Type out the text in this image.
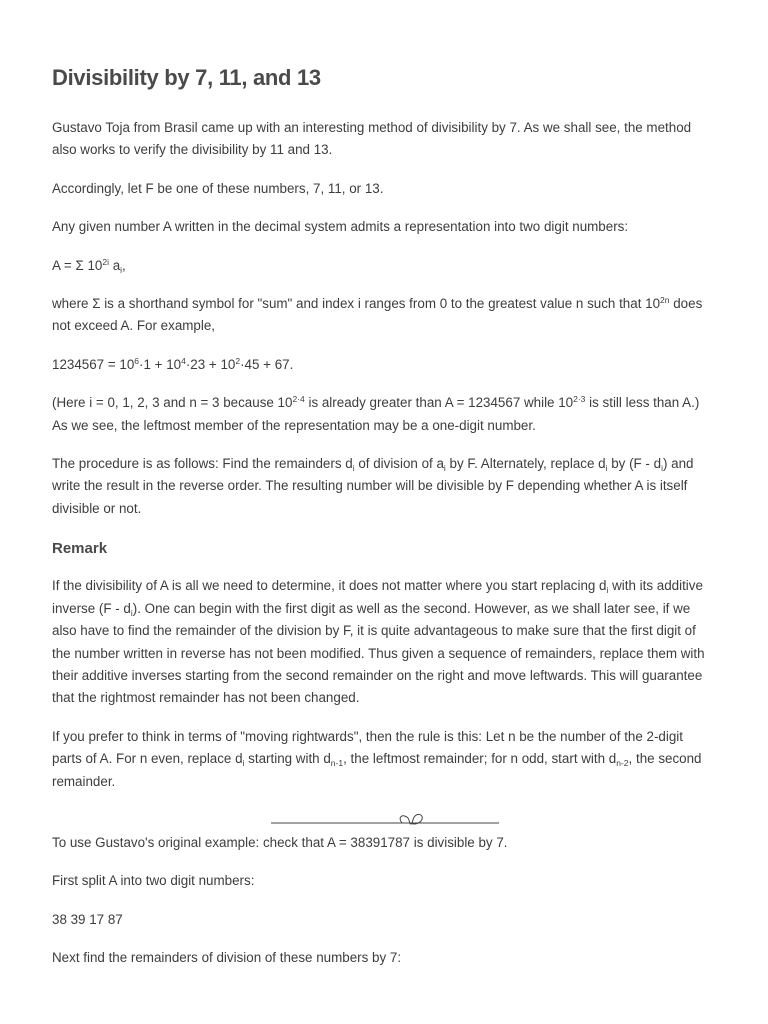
Divisibility by 7, 11, and 13

Gustavo Toja from Brasil came up with an interesting method of divisibility by 7. As we shall see, the method also works to verify the divisibility by 11 and 13.

Accordingly, let F be one of these numbers, 7, 11, or 13.

Any given number A written in the decimal system admits a representation into two digit numbers:

A = Σ $10^{2i}$ $a_i$,

where Σ is a shorthand symbol for "sum" and index i ranges from 0 to the greatest value n such that $10^{2n}$ does not exceed A. For example,

$1234567 = 10^6\cdot 1 + 10^4\cdot 23 + 10^2\cdot 45 + 67$.

(Here i = 0, 1, 2, 3 and n = 3 because $10^{2\cdot 4}$ is already greater than A = 1234567 while $10^{2\cdot 3}$ is still less than A.) As we see, the leftmost member of the representation may be a one-digit number.

The procedure is as follows: Find the remainders $d_i$ of division of $a_i$ by F. Alternately, replace $d_i$ by $(F - d_i)$ and write the result in the reverse order. The resulting number will be divisible by F depending whether A is itself divisible or not.

Remark

If the divisibility of A is all we need to determine, it does not matter where you start replacing $d_i$ with its additive inverse $(F - d_i)$. One can begin with the first digit as well as the second. However, as we shall later see, if we also have to find the remainder of the division by F, it is quite advantageous to make sure that the first digit of the number written in reverse has not been modified. Thus given a sequence of remainders, replace them with their additive inverses starting from the second remainder on the right and move leftwards. This will guarantee that the rightmost remainder has not been changed.

If you prefer to think in terms of "moving rightwards", then the rule is this: Let n be the number of the 2-digit parts of A. For n even, replace $d_i$ starting with $d_{n-1}$, the leftmost remainder; for n odd, start with $d_{n-2}$, the second remainder.

To use Gustavo's original example: check that A = 38391787 is divisible by 7.

First split A into two digit numbers:

38 39 17 87

Next find the remainders of division of these numbers by 7:
